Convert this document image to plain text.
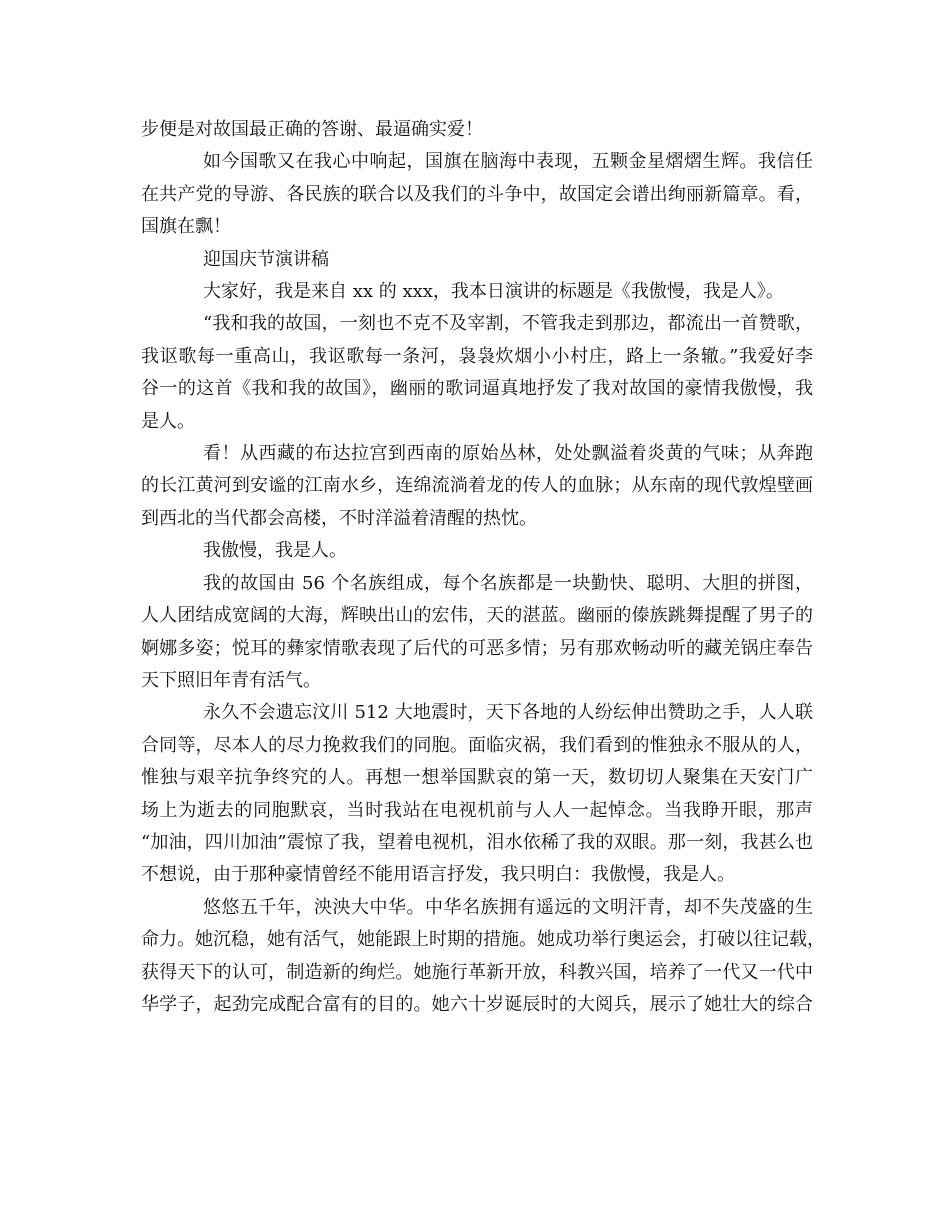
步便是对故国最正确的答谢、最逼确实爱！
如今国歌又在我心中响起，国旗在脑海中表现，五颗金星熠熠生辉。我信任
在共产党的导游、各民族的联合以及我们的斗争中，故国定会谱出绚丽新篇章。看，
国旗在飘！
迎国庆节演讲稿
大家好，我是来自 xx 的 xxx，我本日演讲的标题是《我傲慢，我是人》。
“我和我的故国，一刻也不克不及宰割，不管我走到那边，都流出一首赞歌，
我讴歌每一重高山，我讴歌每一条河，袅袅炊烟小小村庄，路上一条辙。”我爱好李
谷一的这首《我和我的故国》，幽丽的歌词逼真地抒发了我对故国的豪情我傲慢，我
是人。
看！从西藏的布达拉宫到西南的原始丛林，处处飘溢着炎黄的气味；从奔跑
的长江黄河到安谧的江南水乡，连绵流淌着龙的传人的血脉；从东南的现代敦煌壁画
到西北的当代都会高楼，不时洋溢着清醒的热忱。
我傲慢，我是人。
我的故国由 56 个名族组成，每个名族都是一块勤快、聪明、大胆的拼图，
人人团结成宽阔的大海，辉映出山的宏伟，天的湛蓝。幽丽的傣族跳舞提醒了男子的
婀娜多姿；悦耳的彝家情歌表现了后代的可恶多情；另有那欢畅动听的藏羌锅庄奉告
天下照旧年青有活气。
永久不会遗忘汶川 512 大地震时，天下各地的人纷纭伸出赞助之手，人人联
合同等，尽本人的尽力挽救我们的同胞。面临灾祸，我们看到的惟独永不服从的人，
惟独与艰辛抗争终究的人。再想一想举国默哀的第一天，数切切人聚集在天安门广
场上为逝去的同胞默哀，当时我站在电视机前与人人一起悼念。当我睁开眼，那声
“加油，四川加油”震惊了我，望着电视机，泪水依稀了我的双眼。那一刻，我甚么也
不想说，由于那种豪情曾经不能用语言抒发，我只明白：我傲慢，我是人。
悠悠五千年，泱泱大中华。中华名族拥有遥远的文明汗青，却不失茂盛的生
命力。她沉稳，她有活气，她能跟上时期的措施。她成功举行奥运会，打破以往记载，
获得天下的认可，制造新的绚烂。她施行革新开放，科教兴国，培养了一代又一代中
华学子，起劲完成配合富有的目的。她六十岁诞辰时的大阅兵，展示了她壮大的综合
